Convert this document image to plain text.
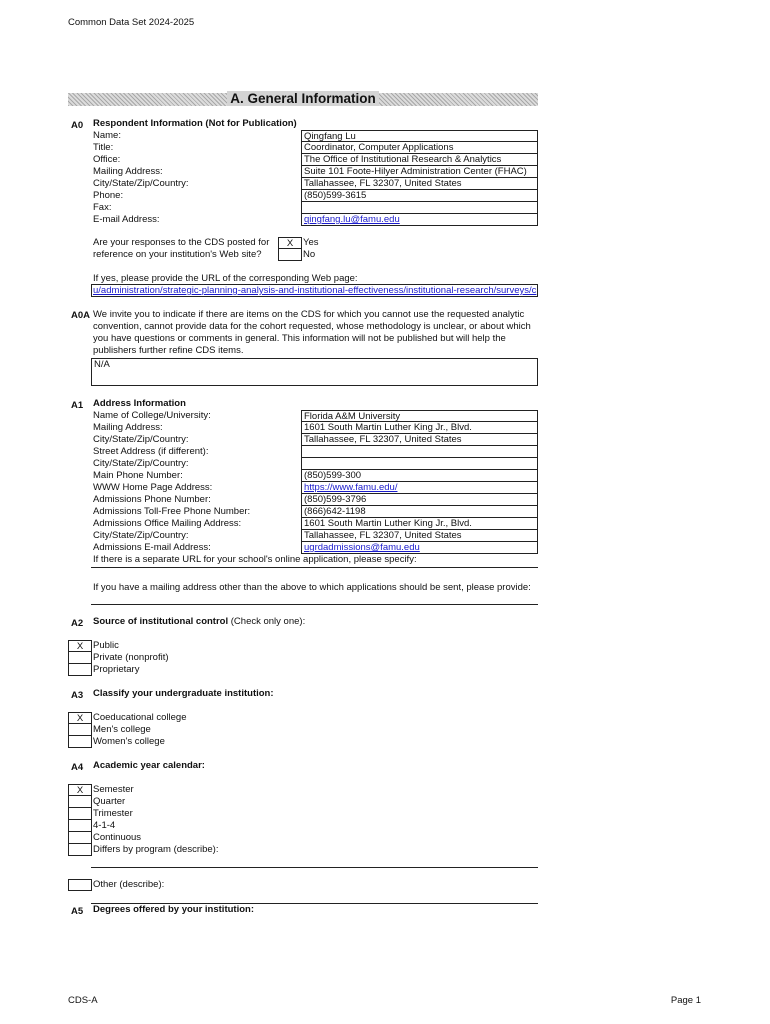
Common Data Set 2024-2025
A. General Information
A0 Respondent Information (Not for Publication)
Name:	Qingfang Lu
Title:	Coordinator, Computer Applications
Office:	The Office of Institutional Research & Analytics
Mailing Address:	Suite 101 Foote-Hilyer Administration Center (FHAC)
City/State/Zip/Country:	Tallahassee, FL 32307, United States
Phone:	(850)599-3615
Fax:
E-mail Address:	qingfang.lu@famu.edu
Are your responses to the CDS posted for
reference on your institution's Web site?
X	Yes
No
If yes, please provide the URL of the corresponding Web page:
u/administration/strategic-planning-analysis-and-institutional-effectiveness/institutional-research/surveys/c
A0A We invite you to indicate if there are items on the CDS for which you cannot use the requested analytic convention, cannot provide data for the cohort requested, whose methodology is unclear, or about which you have questions or comments in general. This information will not be published but will help the publishers further refine CDS items.
N/A
A1 Address Information
Name of College/University:	Florida A&M University
Mailing Address:	1601 South Martin Luther King Jr., Blvd.
City/State/Zip/Country:	Tallahassee, FL 32307, United States
Street Address (if different):
City/State/Zip/Country:
Main Phone Number:	(850)599-300
WWW Home Page Address:	https://www.famu.edu/
Admissions Phone Number:	(850)599-3796
Admissions Toll-Free Phone Number:	(866)642-1198
Admissions Office Mailing Address:	1601 South Martin Luther King Jr., Blvd.
City/State/Zip/Country:	Tallahassee, FL 32307, United States
Admissions E-mail Address:	ugrdadmissions@famu.edu
If there is a separate URL for your school's online application, please specify:
If you have a mailing address other than the above to which applications should be sent, please provide:
A2 Source of institutional control (Check only one):
X	Public
Private (nonprofit)
Proprietary
A3 Classify your undergraduate institution:
X	Coeducational college
Men's college
Women's college
A4 Academic year calendar:
X	Semester
Quarter
Trimester
4-1-4
Continuous
Differs by program (describe):
Other (describe):
A5 Degrees offered by your institution:
CDS-A	Page 1
